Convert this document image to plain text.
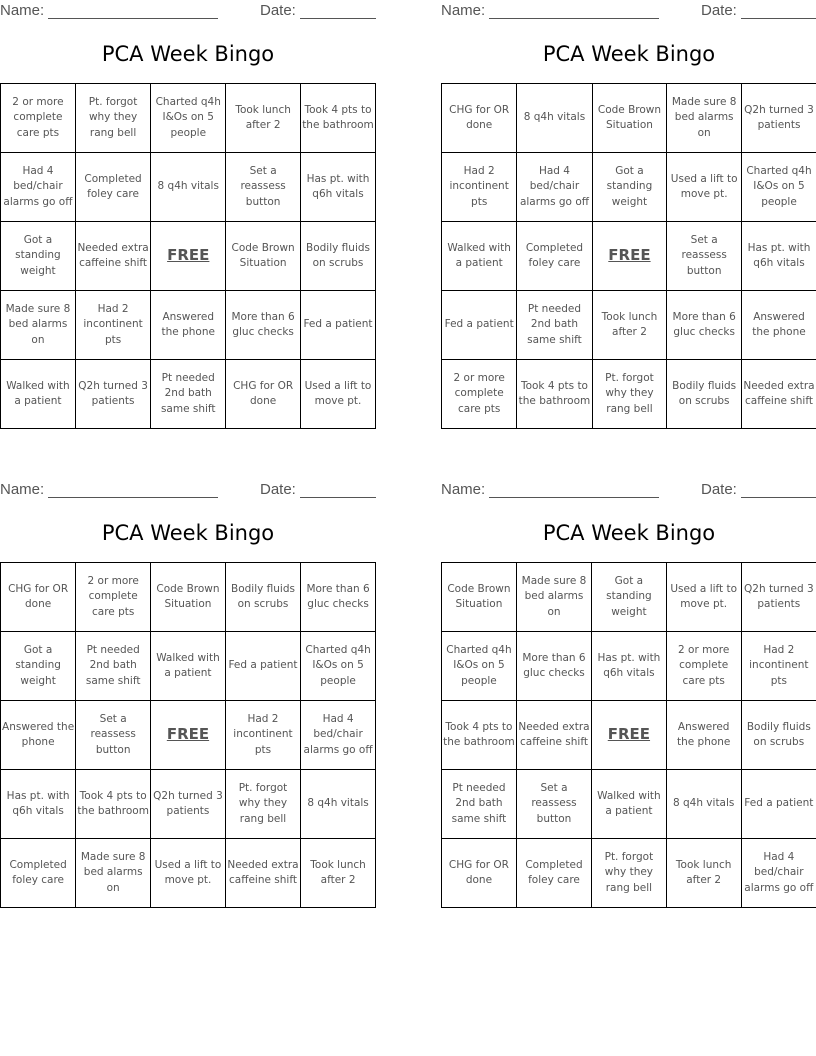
Name:	Date:
PCA Week Bingo
2 or more complete care pts	Pt. forgot why they rang bell	Charted q4h I&Os on 5 people	Took lunch after 2	Took 4 pts to the bathroom
Had 4 bed/chair alarms go off	Completed foley care	8 q4h vitals	Set a reassess button	Has pt. with q6h vitals
Got a standing weight	Needed extra caffeine shift	FREE	Code Brown Situation	Bodily fluids on scrubs
Made sure 8 bed alarms on	Had 2 incontinent pts	Answered the phone	More than 6 gluc checks	Fed a patient
Walked with a patient	Q2h turned 3 patients	Pt needed 2nd bath same shift	CHG for OR done	Used a lift to move pt.
Name:	Date:
PCA Week Bingo
CHG for OR done	8 q4h vitals	Code Brown Situation	Made sure 8 bed alarms on	Q2h turned 3 patients
Had 2 incontinent pts	Had 4 bed/chair alarms go off	Got a standing weight	Used a lift to move pt.	Charted q4h I&Os on 5 people
Walked with a patient	Completed foley care	FREE	Set a reassess button	Has pt. with q6h vitals
Fed a patient	Pt needed 2nd bath same shift	Took lunch after 2	More than 6 gluc checks	Answered the phone
2 or more complete care pts	Took 4 pts to the bathroom	Pt. forgot why they rang bell	Bodily fluids on scrubs	Needed extra caffeine shift
Name:	Date:
PCA Week Bingo
CHG for OR done	2 or more complete care pts	Code Brown Situation	Bodily fluids on scrubs	More than 6 gluc checks
Got a standing weight	Pt needed 2nd bath same shift	Walked with a patient	Fed a patient	Charted q4h I&Os on 5 people
Answered the phone	Set a reassess button	FREE	Had 2 incontinent pts	Had 4 bed/chair alarms go off
Has pt. with q6h vitals	Took 4 pts to the bathroom	Q2h turned 3 patients	Pt. forgot why they rang bell	8 q4h vitals
Completed foley care	Made sure 8 bed alarms on	Used a lift to move pt.	Needed extra caffeine shift	Took lunch after 2
Name:	Date:
PCA Week Bingo
Code Brown Situation	Made sure 8 bed alarms on	Got a standing weight	Used a lift to move pt.	Q2h turned 3 patients
Charted q4h I&Os on 5 people	More than 6 gluc checks	Has pt. with q6h vitals	2 or more complete care pts	Had 2 incontinent pts
Took 4 pts to the bathroom	Needed extra caffeine shift	FREE	Answered the phone	Bodily fluids on scrubs
Pt needed 2nd bath same shift	Set a reassess button	Walked with a patient	8 q4h vitals	Fed a patient
CHG for OR done	Completed foley care	Pt. forgot why they rang bell	Took lunch after 2	Had 4 bed/chair alarms go off
